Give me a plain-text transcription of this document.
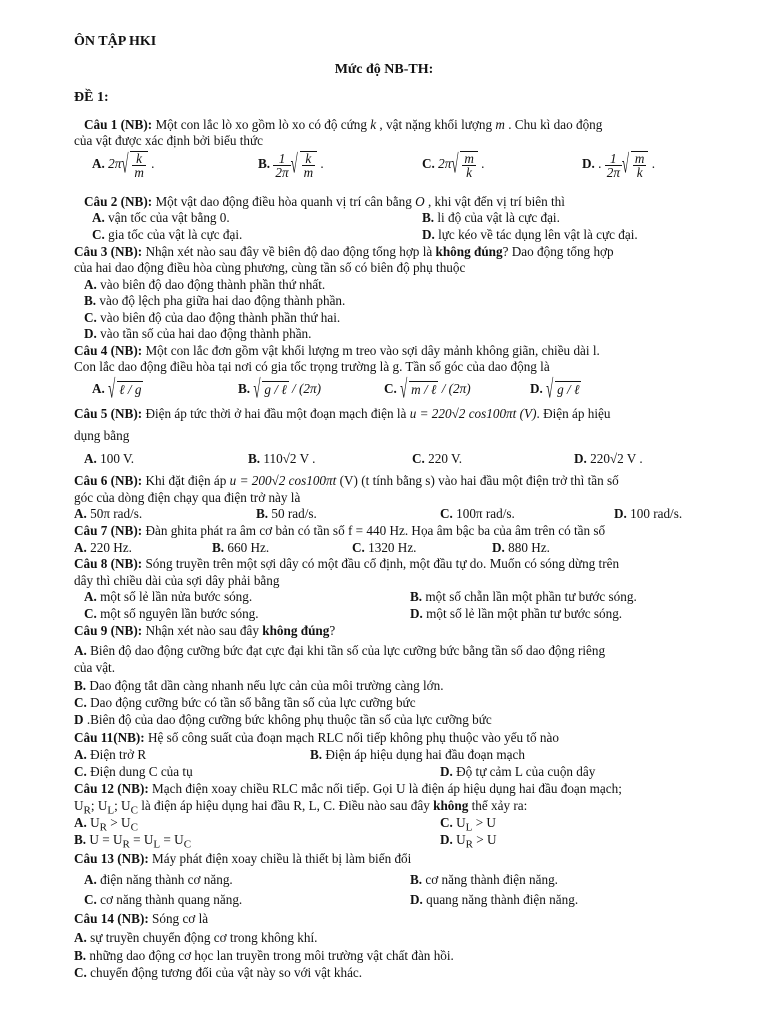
ÔN TẬP HKI
Mức độ NB-TH:
ĐỀ 1:
Câu 1 (NB): Một con lắc lò xo gồm lò xo có độ cứng k , vật nặng khối lượng m . Chu kì dao động
của vật được xác định bởi biểu thức
A. 2π √ $\frac{k}{m}$ .	B. $\frac{1}{2\pi}$ √ $\frac{k}{m}$ .	C. 2π √ $\frac{m}{k}$ .	D. . $\frac{1}{2\pi}$ √ $\frac{m}{k}$ .
Câu 2 (NB): Một vật dao động điều hòa quanh vị trí cân bằng O , khi vật đến vị trí biên thì
A. vận tốc của vật bằng 0.	B. li độ của vật là cực đại.
C. gia tốc của vật là cực đại.	D. lực kéo về tác dụng lên vật là cực đại.
Câu 3 (NB): Nhận xét nào sau đây về biên độ dao động tổng hợp là không đúng? Dao động tổng hợp
của hai dao động điều hòa cùng phương, cùng tần số có biên độ phụ thuộc
A. vào biên độ dao động thành phần thứ nhất.
B. vào độ lệch pha giữa hai dao động thành phần.
C. vào biên độ của dao động thành phần thứ hai.
D. vào tần số của hai dao động thành phần.
Câu 4 (NB): Một con lắc đơn gồm vật khối lượng m treo vào sợi dây mảnh không giãn, chiều dài l.
Con lắc dao động điều hòa tại nơi có gia tốc trọng trường là g. Tần số góc của dao động là
A. √ ℓ / g	B. √ g / ℓ / (2π)	C. √ m / ℓ / (2π)	D. √ g / ℓ
Câu 5 (NB): Điện áp tức thời ở hai đầu một đoạn mạch điện là u = 220√2 cos100πt (V). Điện áp hiệu
dụng bằng
A. 100 V.	B. 110√2 V .	C. 220 V.	D. 220√2 V .
Câu 6 (NB): Khi đặt điện áp u = 200√2 cos100πt (V) (t tính bằng s) vào hai đầu một điện trở thì tần số
góc của dòng điện chạy qua điện trở này là
A. 50π rad/s.	B. 50 rad/s.	C. 100π rad/s.	D. 100 rad/s.
Câu 7 (NB): Đàn ghita phát ra âm cơ bản có tần số f = 440 Hz. Họa âm bậc ba của âm trên có tần số
A. 220 Hz.	B. 660 Hz.	C. 1320 Hz.	D. 880 Hz.
Câu 8 (NB): Sóng truyền trên một sợi dây có một đầu cố định, một đầu tự do. Muốn có sóng dừng trên
dây thì chiều dài của sợi dây phải bằng
A. một số lẻ lần nửa bước sóng.	B. một số chẵn lần một phần tư bước sóng.
C. một số nguyên lần bước sóng.	D. một số lẻ lần một phần tư bước sóng.
Câu 9 (NB): Nhận xét nào sau đây không đúng?
A. Biên độ dao động cưỡng bức đạt cực đại khi tần số của lực cưỡng bức bằng tần số dao động riêng
của vật.
B. Dao động tắt dần càng nhanh nếu lực cản của môi trường càng lớn.
C. Dao động cưỡng bức có tần số bằng tần số của lực cưỡng bức
D .Biên độ của dao động cưỡng bức không phụ thuộc tần số của lực cưỡng bức
Câu 11(NB): Hệ số công suất của đoạn mạch RLC nối tiếp không phụ thuộc vào yếu tố nào
A. Điện trở R	B. Điện áp hiệu dụng hai đầu đoạn mạch
C. Điện dung C của tụ	D. Độ tự cảm L của cuộn dây
Câu 12 (NB): Mạch điện xoay chiều RLC mắc nối tiếp. Gọi U là điện áp hiệu dụng hai đầu đoạn mạch;
$U_R$; $U_L$; $U_C$ là điện áp hiệu dụng hai đầu R, L, C. Điều nào sau đây không thể xảy ra:
A. $U_R > U_C$	C. $U_L > U$
B. $U = U_R = U_L = U_C$	D. $U_R > U$
Câu 13 (NB): Máy phát điện xoay chiều là thiết bị làm biến đổi
A. điện năng thành cơ năng.	B. cơ năng thành điện năng.
C. cơ năng thành quang năng.	D. quang năng thành điện năng.
Câu 14 (NB): Sóng cơ là
A. sự truyền chuyển động cơ trong không khí.
B. những dao động cơ học lan truyền trong môi trường vật chất đàn hồi.
C. chuyển động tương đối của vật này so với vật khác.
